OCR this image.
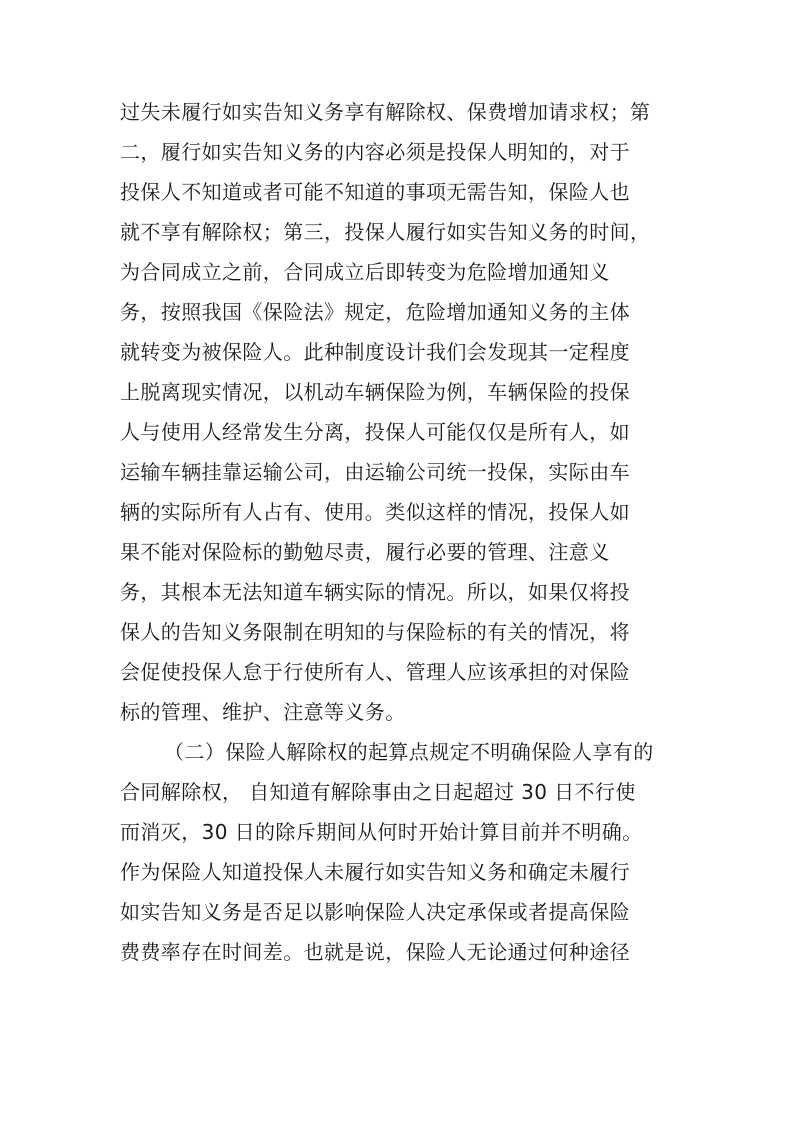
过失未履行如实告知义务享有解除权、保费增加请求权；第
二，履行如实告知义务的内容必须是投保人明知的，对于
投保人不知道或者可能不知道的事项无需告知，保险人也
就不享有解除权；第三，投保人履行如实告知义务的时间，
为合同成立之前，合同成立后即转变为危险增加通知义
务，按照我国《保险法》规定，危险增加通知义务的主体
就转变为被保险人。此种制度设计我们会发现其一定程度
上脱离现实情况，以机动车辆保险为例，车辆保险的投保
人与使用人经常发生分离，投保人可能仅仅是所有人，如
运输车辆挂靠运输公司，由运输公司统一投保，实际由车
辆的实际所有人占有、使用。类似这样的情况，投保人如
果不能对保险标的勤勉尽责，履行必要的管理、注意义
务，其根本无法知道车辆实际的情况。所以，如果仅将投
保人的告知义务限制在明知的与保险标的有关的情况，将
会促使投保人怠于行使所有人、管理人应该承担的对保险
标的管理、维护、注意等义务。
（二）保险人解除权的起算点规定不明确保险人享有的
合同解除权， 自知道有解除事由之日起超过 30 日不行使
而消灭，30 日的除斥期间从何时开始计算目前并不明确。
作为保险人知道投保人未履行如实告知义务和确定未履行
如实告知义务是否足以影响保险人决定承保或者提高保险
费费率存在时间差。也就是说，保险人无论通过何种途径
